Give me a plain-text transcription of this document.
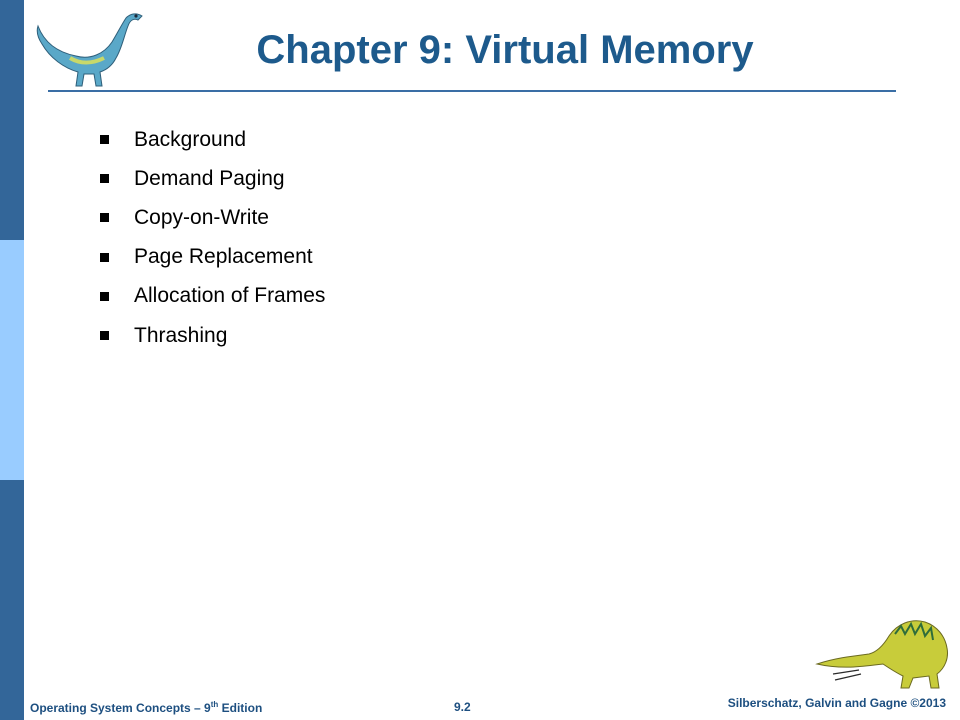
Chapter 9: Virtual Memory
Background
Demand Paging
Copy-on-Write
Page Replacement
Allocation of Frames
Thrashing
Operating System Concepts – 9th Edition	9.2	Silberschatz, Galvin and Gagne ©2013
